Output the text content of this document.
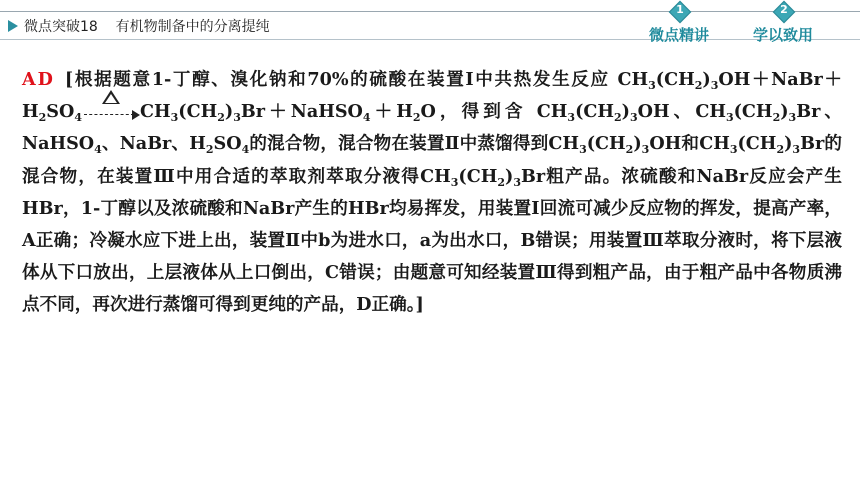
微点突破18    有机物制备中的分离提纯
1
微点精讲
2
学以致用

AD [根据题意1-丁醇、溴化钠和70%的硫酸在装置Ⅰ中共热发生反应 $CH_3(CH_2)_3OH+NaBr+H_2SO_4$	$CH_3(CH_2)_3Br+NaHSO_4+H_2O$，得到含 $CH_3(CH_2)_3OH$、$CH_3(CH_2)_3Br$、NaHSO$_4$、NaBr、$H_2SO_4$的混合物，混合物在装置Ⅱ中蒸馏得到$CH_3(CH_2)_3OH$和$CH_3(CH_2)_3Br$的混合物，在装置Ⅲ中用合适的萃取剂萃取分液得$CH_3(CH_2)_3Br$粗产品。浓硫酸和NaBr反应会产生HBr，1-丁醇以及浓硫酸和NaBr产生的HBr均易挥发，用装置Ⅰ回流可减少反应物的挥发，提高产率，A正确；冷凝水应下进上出，装置Ⅱ中b为进水口，a为出水口，B错误；用装置Ⅲ萃取分液时，将下层液体从下口放出，上层液体从上口倒出，C错误；由题意可知经装置Ⅲ得到粗产品，由于粗产品中各物质沸点不同，再次进行蒸馏可得到更纯的产品，D正确。]
